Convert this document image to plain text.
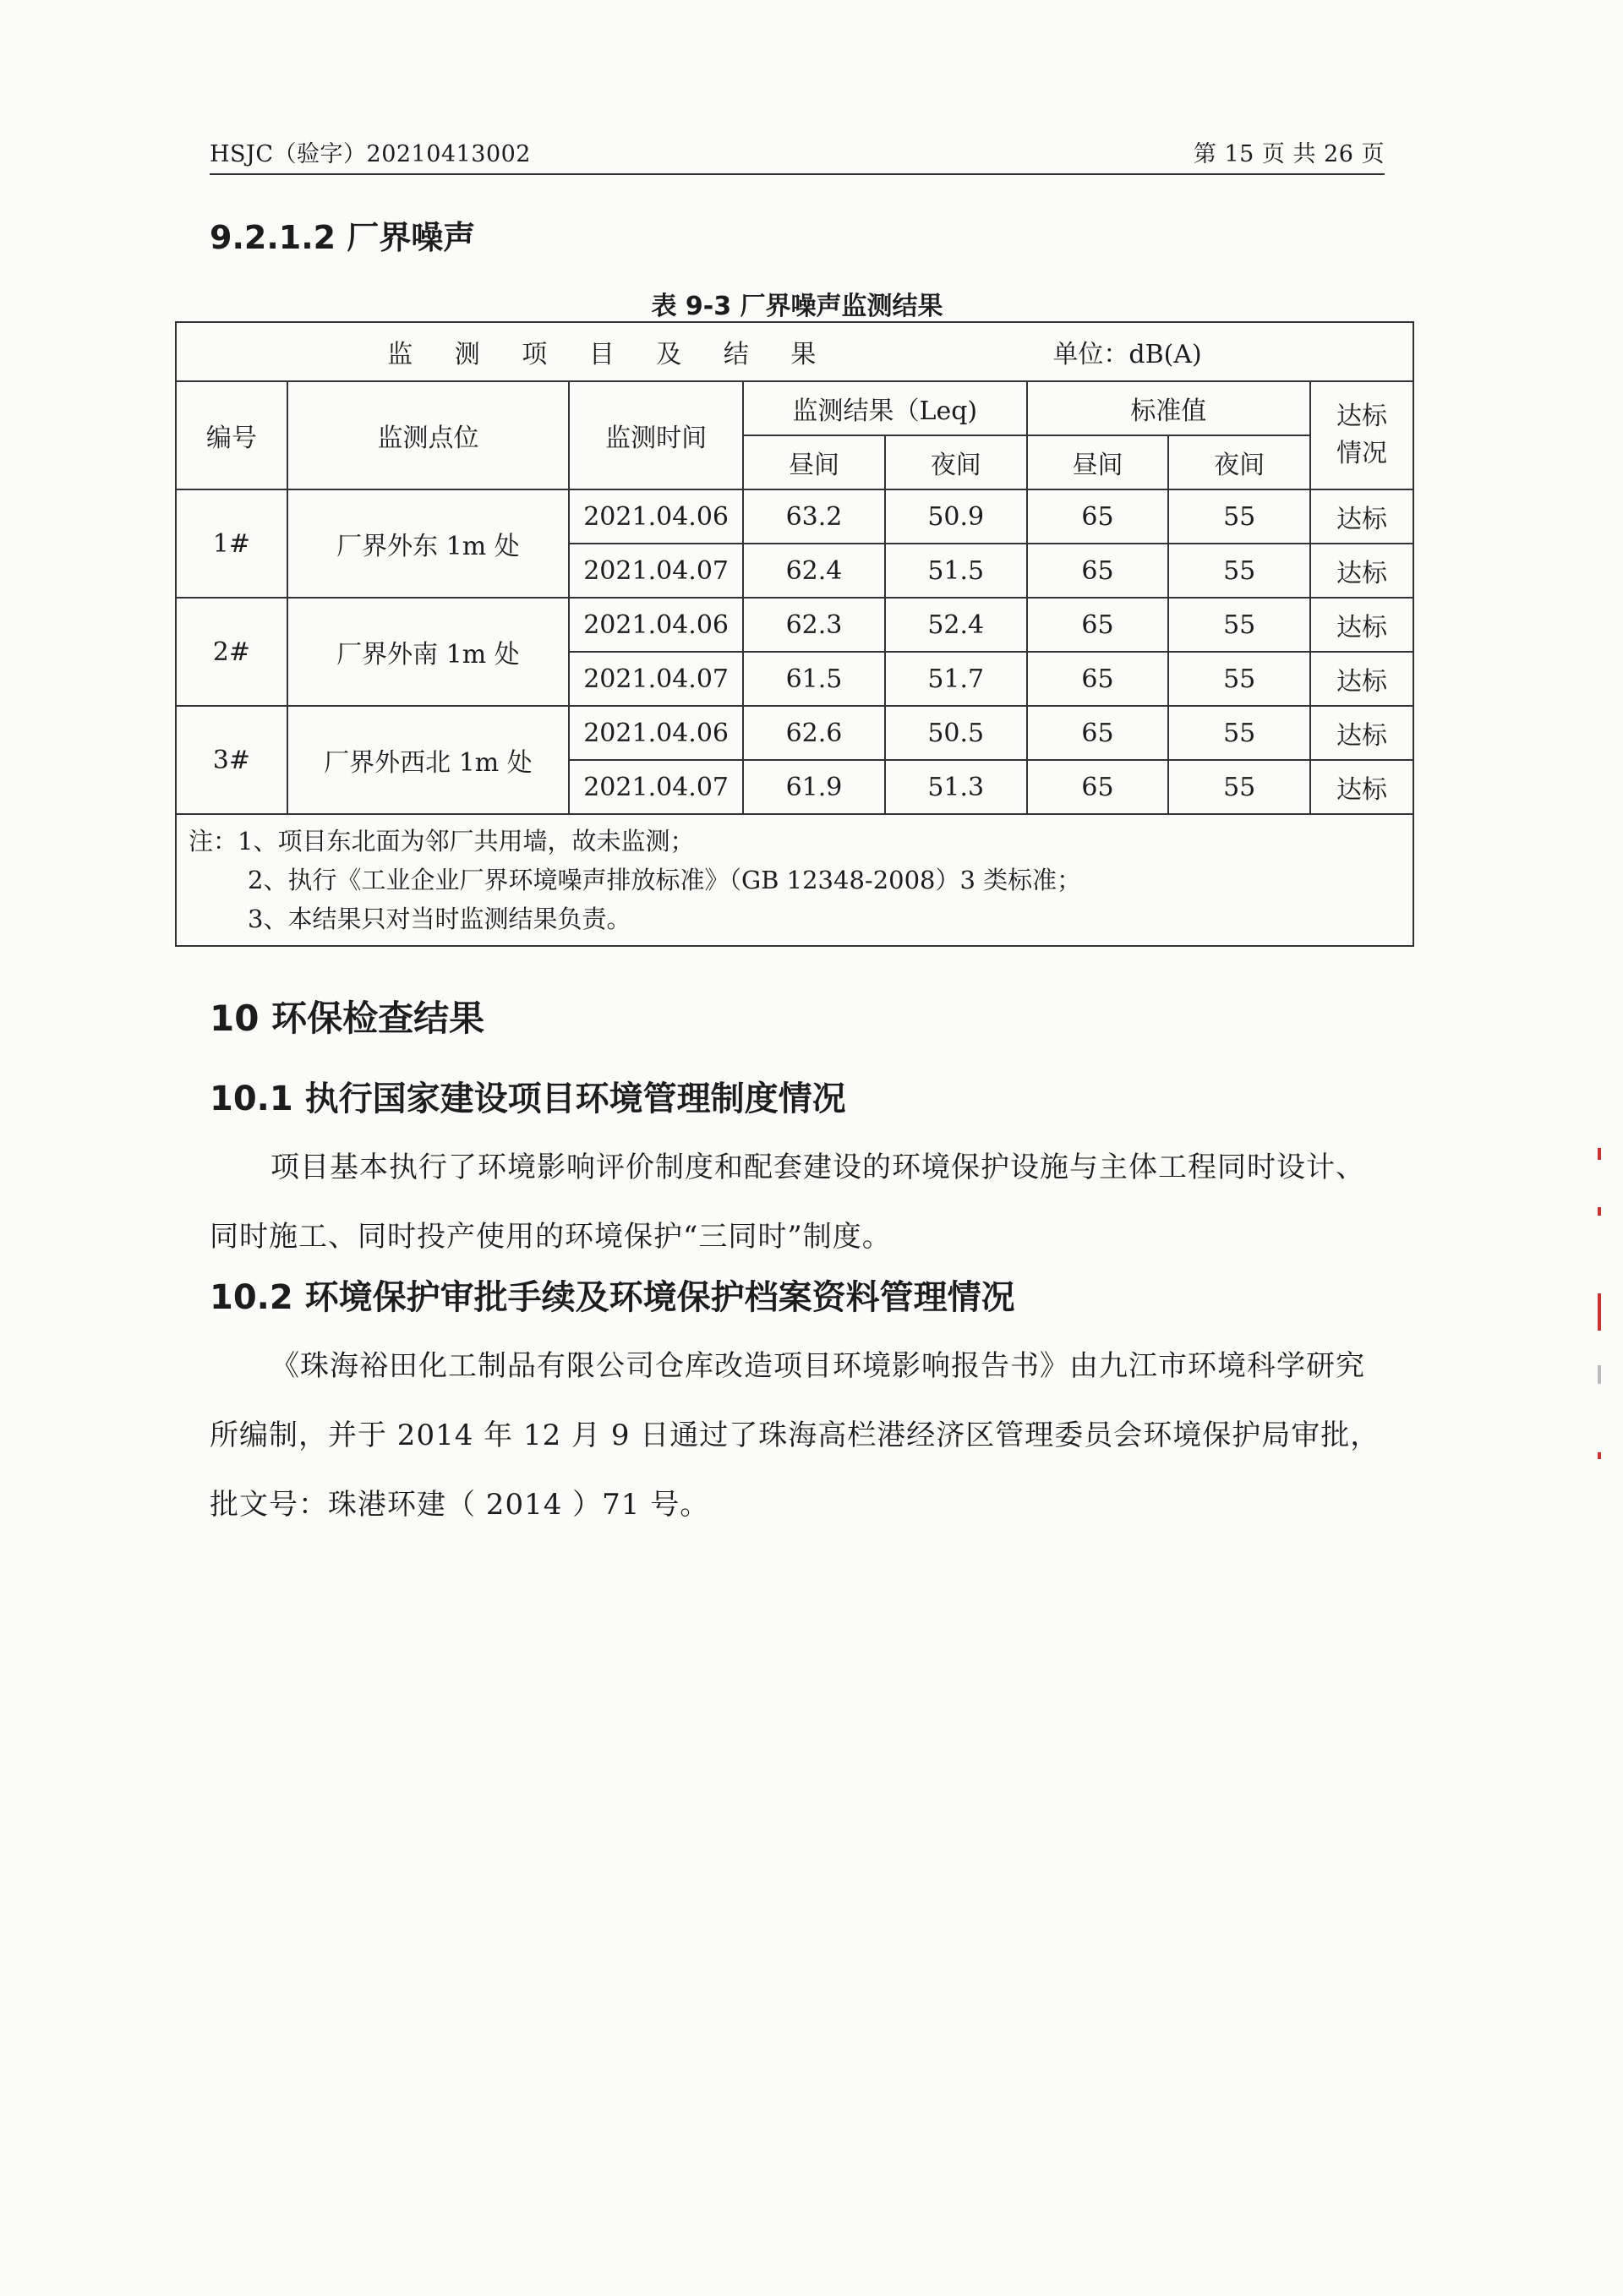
HSJC（验字）20210413002	第 15 页 共 26 页
9.2.1.2 厂界噪声
表 9-3 厂界噪声监测结果
监 测 项 目 及 结 果 单位：dB(A)							

编号	监测点位	监测时间	监测结果（Leq)		标准值		达标情况
			昼间	夜间	昼间	夜间	
1#	厂界外东 1m 处	2021.04.06	63.2	50.9	65	55	达标
		2021.04.07	62.4	51.5	65	55	达标
2#	厂界外南 1m 处	2021.04.06	62.3	52.4	65	55	达标
		2021.04.07	61.5	51.7	65	55	达标
3#	厂界外西北 1m 处	2021.04.06	62.6	50.5	65	55	达标
		2021.04.07	61.9	51.3	65	55	达标

注：1、项目东北面为邻厂共用墙，故未监测；
2、执行《工业企业厂界环境噪声排放标准》（GB 12348-2008）3 类标准；
3、本结果只对当时监测结果负责。							
10 环保检查结果
10.1 执行国家建设项目环境管理制度情况
项目基本执行了环境影响评价制度和配套建设的环境保护设施与主体工程同时设计、同时施工、同时投产使用的环境保护“三同时”制度。
10.2 环境保护审批手续及环境保护档案资料管理情况
《珠海裕田化工制品有限公司仓库改造项目环境影响报告书》由九江市环境科学研究所编制，并于 2014 年 12 月 9 日通过了珠海高栏港经济区管理委员会环境保护局审批，批文号：珠港环建（ 2014 ）71 号。
